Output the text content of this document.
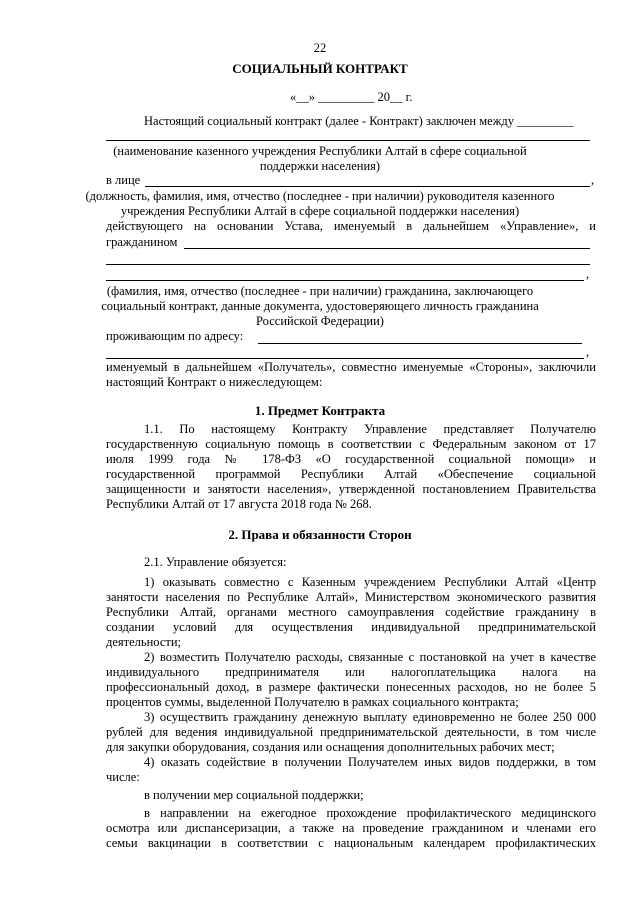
22
СОЦИАЛЬНЫЙ КОНТРАКТ
«__» _________ 20__ г.
Настоящий социальный контракт (далее - Контракт) заключен между _________
(наименование казенного учреждения Республики Алтай в сфере социальной
поддержки населения)
в лице	,
(должность, фамилия, имя, отчество (последнее - при наличии) руководителя казенного
учреждения Республики Алтай в сфере социальной поддержки населения)
действующего на основании Устава, именуемый в дальнейшем «Управление», и
гражданином
,
(фамилия, имя, отчество (последнее - при наличии) гражданина, заключающего
социальный контракт, данные документа, удостоверяющего личность гражданина
Российской Федерации)
проживающим по адресу:
,
именуемый в дальнейшем «Получатель», совместно именуемые «Стороны», заключили
настоящий Контракт о нижеследующем:
1. Предмет Контракта
1.1. По настоящему Контракту Управление представляет Получателю
государственную социальную помощь в соответствии с Федеральным законом от 17
июля 1999 года № 178-ФЗ «О государственной социальной помощи» и
государственной программой Республики Алтай «Обеспечение социальной
защищенности и занятости населения», утвержденной постановлением Правительства
Республики Алтай от 17 августа 2018 года № 268.
2. Права и обязанности Сторон
2.1. Управление обязуется:
1) оказывать совместно с Казенным учреждением Республики Алтай «Центр
занятости населения по Республике Алтай», Министерством экономического развития
Республики Алтай, органами местного самоуправления содействие гражданину в
создании условий для осуществления индивидуальной предпринимательской
деятельности;
2) возместить Получателю расходы, связанные с постановкой на учет в качестве
индивидуального предпринимателя или налогоплательщика налога на
профессиональный доход, в размере фактически понесенных расходов, но не более 5
процентов суммы, выделенной Получателю в рамках социального контракта;
3) осуществить гражданину денежную выплату единовременно не более 250 000
рублей для ведения индивидуальной предпринимательской деятельности, в том числе
для закупки оборудования, создания или оснащения дополнительных рабочих мест;
4) оказать содействие в получении Получателем иных видов поддержки, в том
числе:
в получении мер социальной поддержки;
в направлении на ежегодное прохождение профилактического медицинского
осмотра или диспансеризации, а также на проведение гражданином и членами его
семьи вакцинации в соответствии с национальным календарем профилактических
